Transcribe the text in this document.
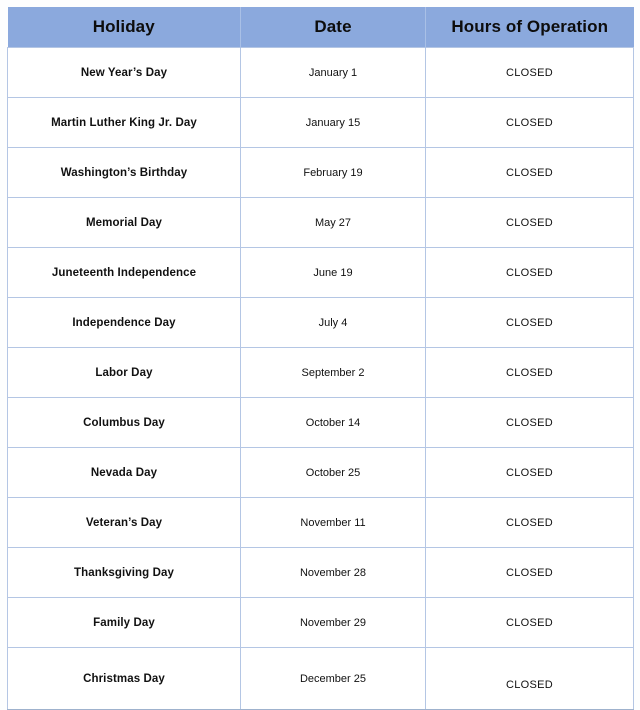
Holiday	Date	Hours of Operation
New Year’s Day	January 1	CLOSED
Martin Luther King Jr. Day	January 15	CLOSED
Washington’s Birthday	February 19	CLOSED
Memorial Day	May 27	CLOSED
Juneteenth Independence	June 19	CLOSED
Independence Day	July 4	CLOSED
Labor Day	September 2	CLOSED
Columbus Day	October 14	CLOSED
Nevada Day	October 25	CLOSED
Veteran’s Day	November 11	CLOSED
Thanksgiving Day	November 28	CLOSED
Family Day	November 29	CLOSED
Christmas Day	December 25	CLOSED
